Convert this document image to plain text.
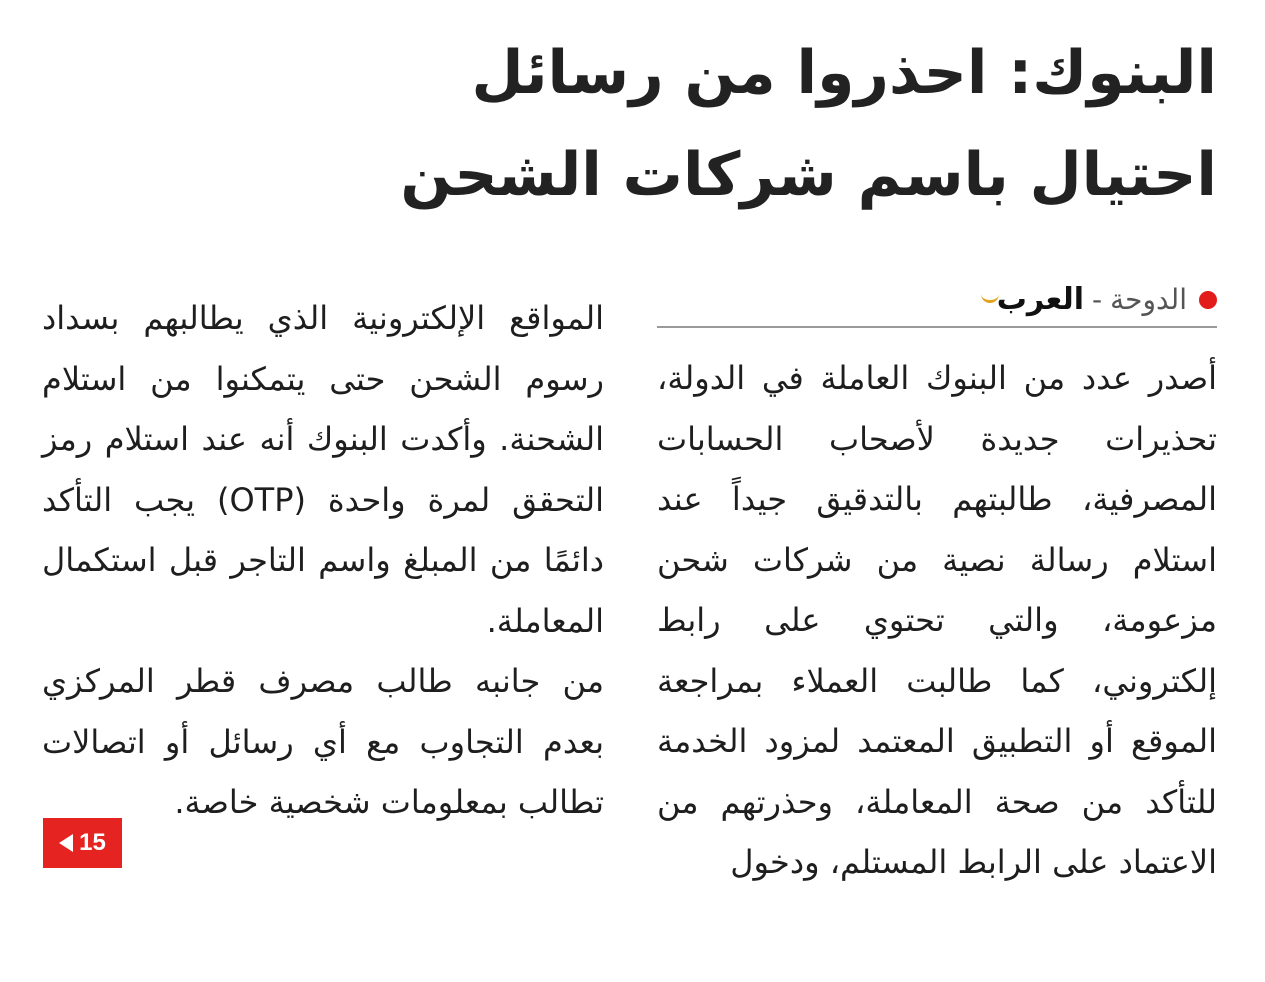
البنوك: احذروا من رسائل
احتيال باسم شركات الشحن
الدوحة
-
العرب

أصدر عدد من البنوك العاملة في الدولة، تحذيرات جديدة لأصحاب الحسابات المصرفية، طالبتهم بالتدقيق جيداً عند استلام رسالة نصية من شركات شحن مزعومة، والتي تحتوي على رابط إلكتروني، كما طالبت العملاء بمراجعة الموقع أو التطبيق المعتمد لمزود الخدمة للتأكد من صحة المعاملة، وحذرتهم من الاعتماد على الرابط المستلم، ودخول

المواقع الإلكترونية الذي يطالبهم بسداد رسوم الشحن حتى يتمكنوا من استلام الشحنة. وأكدت البنوك أنه عند استلام رمز التحقق لمرة واحدة (OTP) يجب التأكد دائمًا من المبلغ واسم التاجر قبل استكمال المعاملة.

من جانبه طالب مصرف قطر المركزي بعدم التجاوب مع أي رسائل أو اتصالات تطالب بمعلومات شخصية خاصة.

15
